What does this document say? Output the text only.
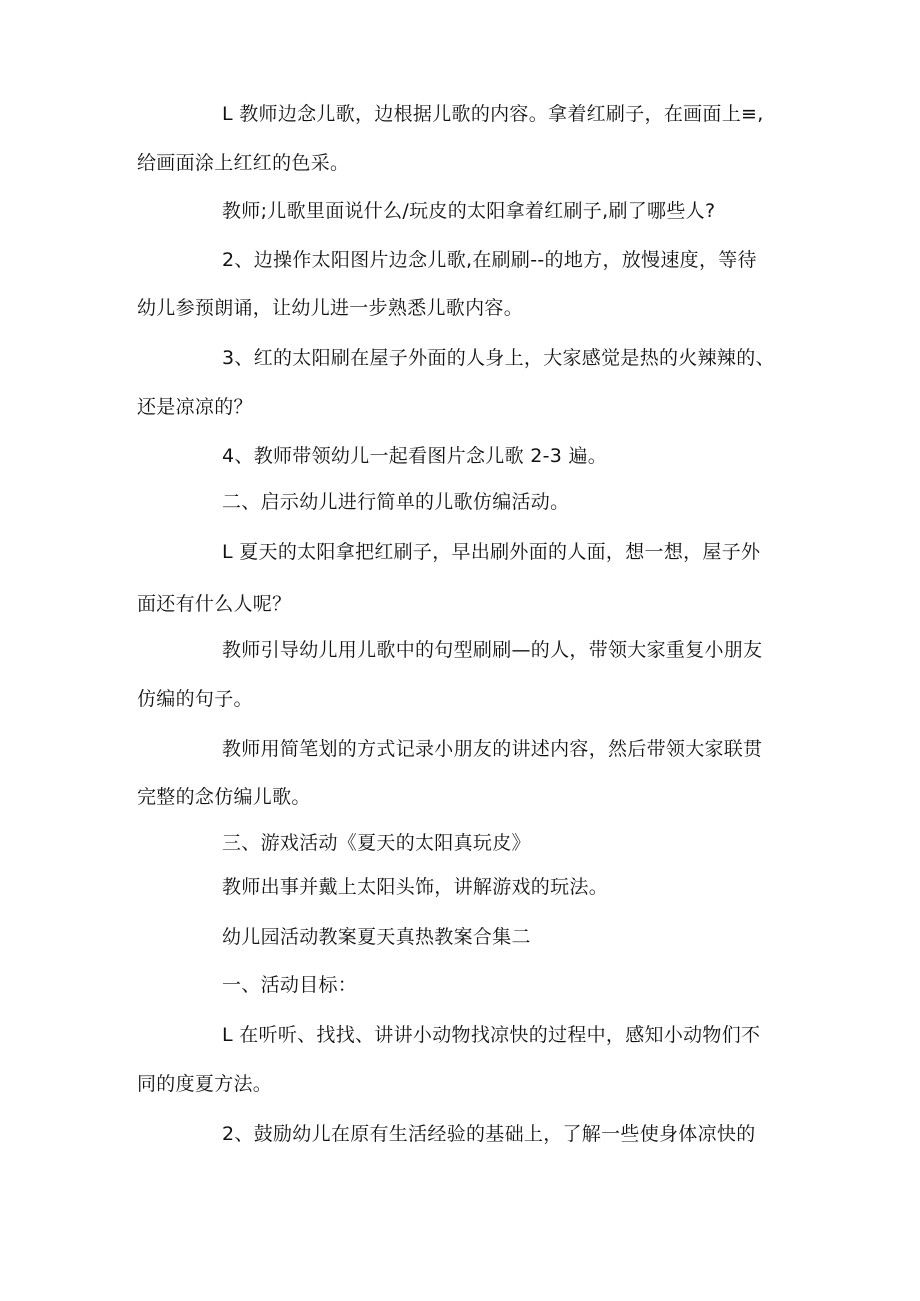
L 教师边念儿歌，边根据儿歌的内容。拿着红刷子，在画面上≡,
给画面涂上红红的色采。
教师;儿歌里面说什么/玩皮的太阳拿着红刷子,刷了哪些人?
2、边操作太阳图片边念儿歌,在刷刷--的地方，放慢速度，等待
幼儿参预朗诵，让幼儿进一步熟悉儿歌内容。
3、红的太阳刷在屋子外面的人身上，大家感觉是热的火辣辣的、
还是凉凉的？
4、教师带领幼儿一起看图片念儿歌 2-3 遍。
二、启示幼儿进行简单的儿歌仿编活动。
L 夏天的太阳拿把红刷子，早出刷外面的人面，想一想，屋子外
面还有什么人呢？
教师引导幼儿用儿歌中的句型刷刷—的人，带领大家重复小朋友
仿编的句子。
教师用简笔划的方式记录小朋友的讲述内容，然后带领大家联贯
完整的念仿编儿歌。
三、游戏活动《夏天的太阳真玩皮》
教师出事并戴上太阳头饰，讲解游戏的玩法。
幼儿园活动教案夏天真热教案合集二
一、活动目标：
L 在听听、找找、讲讲小动物找凉快的过程中，感知小动物们不
同的度夏方法。
2、鼓励幼儿在原有生活经验的基础上，了解一些使身体凉快的
